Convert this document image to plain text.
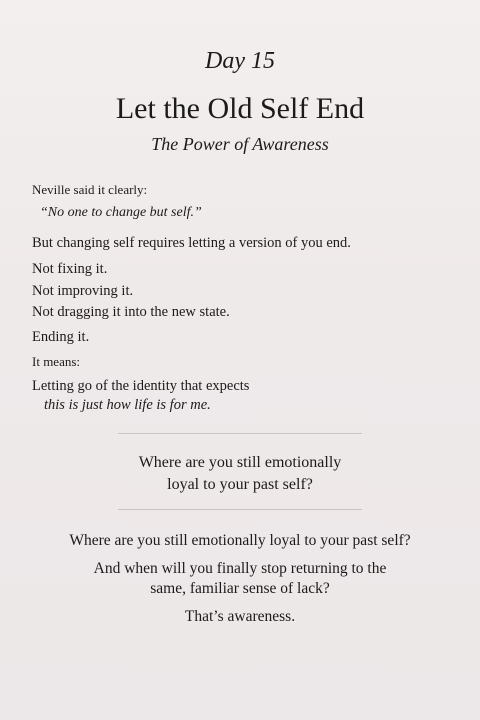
Day 15
Let the Old Self End
The Power of Awareness
Neville said it clearly:
“No one to change but self.”
But changing self requires letting a version of you end.
Not fixing it.
Not improving it.
Not dragging it into the new state.
Ending it.
It means:
Letting go of the identity that expects
this is just how life is for me.
Where are you still emotionally
loyal to your past self?
Where are you still emotionally loyal to your past self?
And when will you finally stop returning to the
same, familiar sense of lack?
That’s awareness.
